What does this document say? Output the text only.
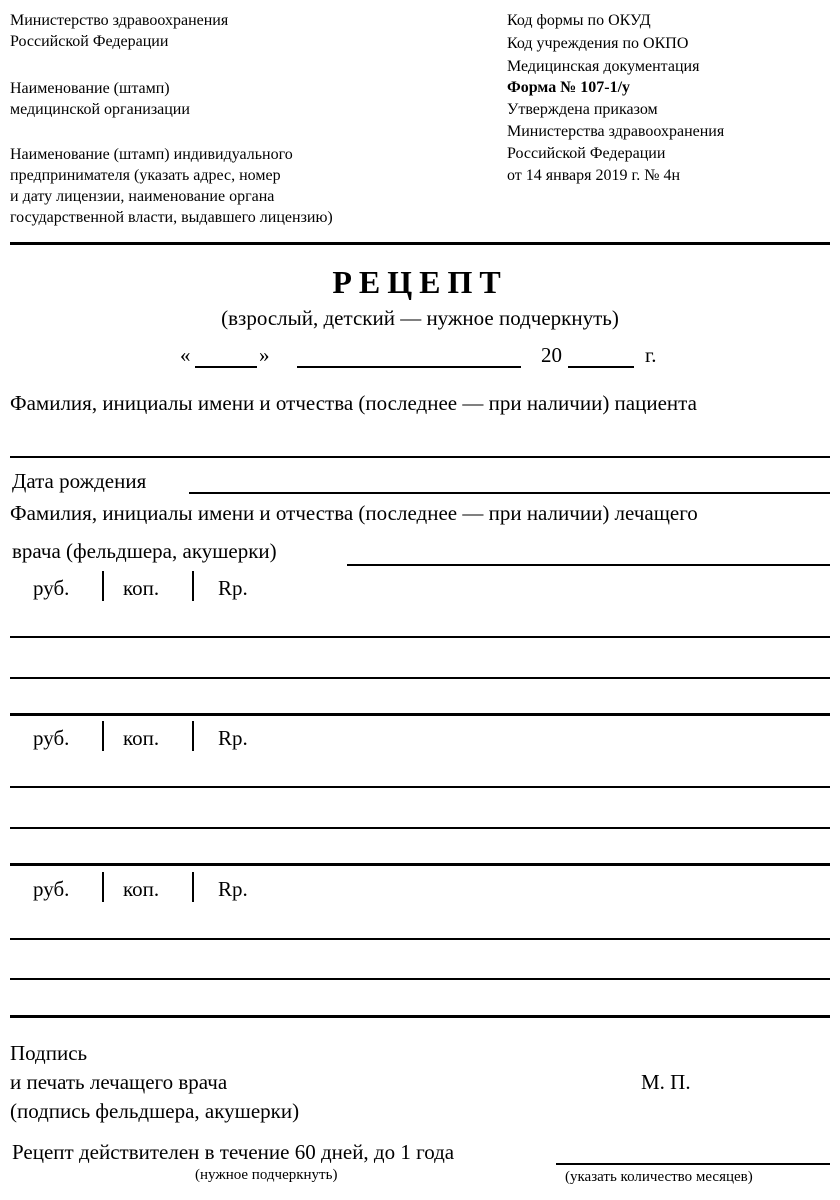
Министерство здравоохранения
Российской Федерации
Наименование (штамп)
медицинской организации
Наименование (штамп) индивидуального
предпринимателя (указать адрес, номер
и дату лицензии, наименование органа
государственной власти, выдавшего лицензию)
Код формы по ОКУД
Код учреждения по ОКПО
Медицинская документация
Форма № 107-1/у
Утверждена приказом
Министерства здравоохранения
Российской Федерации
от 14 января 2019 г. № 4н
РЕЦЕПТ
(взрослый, детский — нужное подчеркнуть)
«	»	20	г.
Фамилия, инициалы имени и отчества (последнее — при наличии) пациента
Дата рождения
Фамилия, инициалы имени и отчества (последнее — при наличии) лечащего
врача (фельдшера, акушерки)
руб.	коп.	Rp.
руб.	коп.	Rp.
руб.	коп.	Rp.
Подпись
и печать лечащего врача
(подпись фельдшера, акушерки)
М. П.
Рецепт действителен в течение 60 дней, до 1 года
(нужное подчеркнуть)	(указать количество месяцев)
